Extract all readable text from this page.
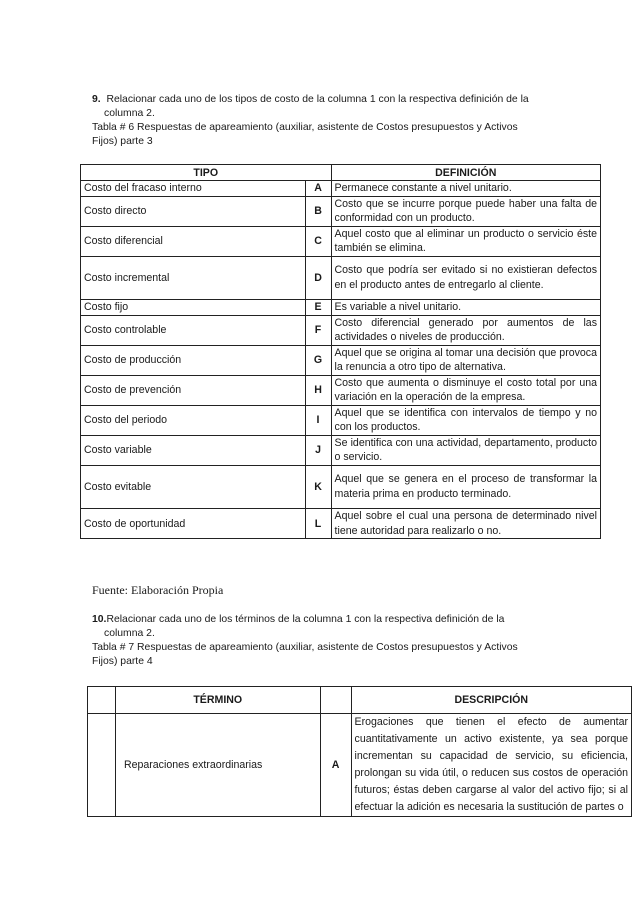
9. Relacionar cada uno de los tipos de costo de la columna 1 con la respectiva definición de la
columna 2.
Tabla # 6 Respuestas de apareamiento (auxiliar, asistente de Costos presupuestos y Activos
Fijos) parte 3
TIPO		DEFINICIÓN
Costo del fracaso interno	A	Permanece constante a nivel unitario.
Costo directo	B	Costo que se incurre porque puede haber una falta de conformidad con un producto.
Costo diferencial	C	Aquel costo que al eliminar un producto o servicio éste también se elimina.
Costo incremental	D	Costo que podría ser evitado si no existieran defectos en el producto antes de entregarlo al cliente.
Costo fijo	E	Es variable a nivel unitario.
Costo controlable	F	Costo diferencial generado por aumentos de las actividades o niveles de producción.
Costo de producción	G	Aquel que se origina al tomar una decisión que provoca la renuncia a otro tipo de alternativa.
Costo de prevención	H	Costo que aumenta o disminuye el costo total por una variación en la operación de la empresa.
Costo del periodo	I	Aquel que se identifica con intervalos de tiempo y no con los productos.
Costo variable	J	Se identifica con una actividad, departamento, producto o servicio.
Costo evitable	K	Aquel que se genera en el proceso de transformar la materia prima en producto terminado.
Costo de oportunidad	L	Aquel sobre el cual una persona de determinado nivel tiene autoridad para realizarlo o no.
Fuente: Elaboración Propia
10.Relacionar cada uno de los términos de la columna 1 con la respectiva definición de la
columna 2.
Tabla # 7 Respuestas de apareamiento (auxiliar, asistente de Costos presupuestos y Activos
Fijos) parte 4
	TÉRMINO		DESCRIPCIÓN
	Reparaciones extraordinarias	A	Erogaciones que tienen el efecto de aumentar cuantitativamente un activo existente, ya sea porque incrementan su capacidad de servicio, su eficiencia, prolongan su vida útil, o reducen sus costos de operación futuros; éstas deben cargarse al valor del activo fijo; si al efectuar la adición es necesaria la sustitución de partes o
